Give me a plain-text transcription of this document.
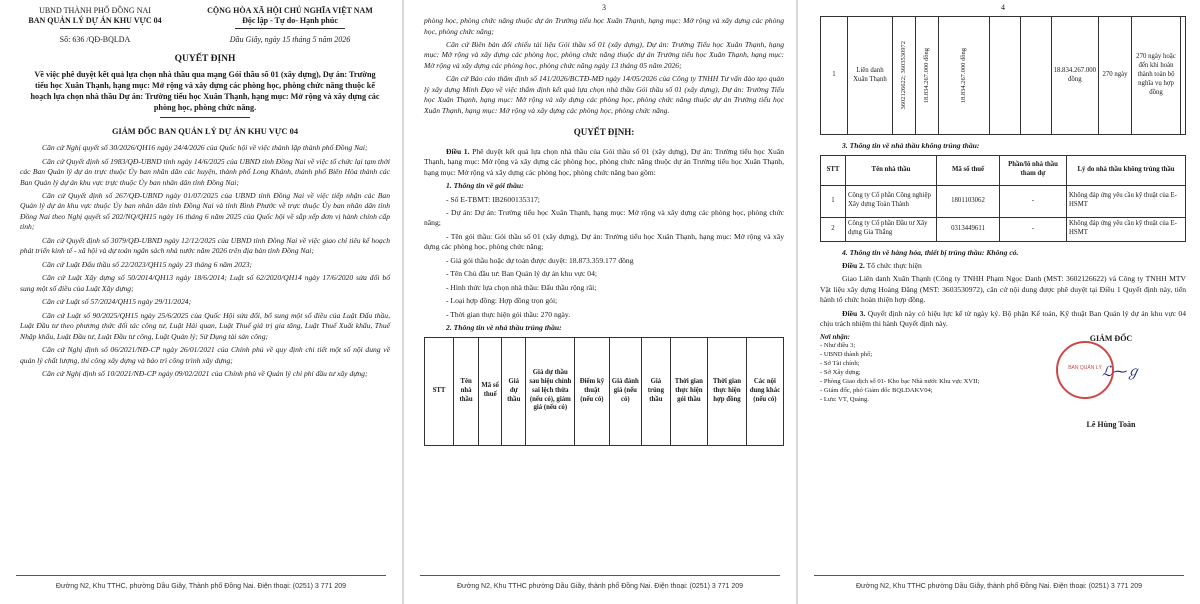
UBND THÀNH PHỐ ĐỒNG NAI
BAN QUẢN LÝ DỰ ÁN KHU VỰC 04
CỘNG HÒA XÃ HỘI CHỦ NGHĨA VIỆT NAM
Độc lập - Tự do- Hạnh phúc
Số: 636 /QĐ-BQLDA	Dầu Giây, ngày 15 tháng 5 năm 2026
QUYẾT ĐỊNH
Về việc phê duyệt kết quả lựa chọn nhà thầu qua mạng Gói thầu số 01 (xây dựng), Dự án: Trường tiểu học Xuân Thạnh, hạng mục: Mở rộng và xây dựng các phòng học, phòng chức năng thuộc kế hoạch lựa chọn nhà thầu Dự án: Trường tiểu học Xuân Thạnh, hạng mục: Mở rộng và xây dựng các phòng học, phòng chức năng.
GIÁM ĐỐC BAN QUẢN LÝ DỰ ÁN KHU VỰC 04

Căn cứ Nghị quyết số 30/2026/QH16 ngày 24/4/2026 của Quốc hội về việc thành lập thành phố Đồng Nai;

Căn cứ Quyết định số 1983/QĐ-UBND tỉnh ngày 14/6/2025 của UBND tỉnh Đồng Nai về việc tổ chức lại tạm thời các Ban Quản lý dự án trực thuộc Ủy ban nhân dân các huyện, thành phố Long Khánh, thành phố Biên Hòa thành các Ban Quản lý dự án khu vực trực thuộc Ủy ban nhân dân tỉnh Đồng Nai;

Căn cứ Quyết định số 267/QĐ-UBND ngày 01/07/2025 của UBND tỉnh Đồng Nai về việc tiếp nhận các Ban Quản lý dự án khu vực thuộc Ủy ban nhân dân tỉnh Đồng Nai và tỉnh Bình Phước về trực thuộc Ủy ban nhân dân tỉnh Đồng Nai theo Nghị quyết số 202/NQ/QH15 ngày 16 tháng 6 năm 2025 của Quốc hội về sắp xếp đơn vị hành chính cấp tỉnh;

Căn cứ Quyết định số 3079/QĐ-UBND ngày 12/12/2025 của UBND tỉnh Đồng Nai về việc giao chỉ tiêu kế hoạch phát triển kinh tế - xã hội và dự toán ngân sách nhà nước năm 2026 trên địa bàn tỉnh Đồng Nai;

Căn cứ Luật Đấu thầu số 22/2023/QH15 ngày 23 tháng 6 năm 2023;

Căn cứ Luật Xây dựng số 50/2014/QH13 ngày 18/6/2014; Luật số 62/2020/QH14 ngày 17/6/2020 sửa đổi bổ sung một số điều của Luật Xây dựng;

Căn cứ Luật số 57/2024/QH15 ngày 29/11/2024;

Căn cứ Luật số 90/2025/QH15 ngày 25/6/2025 của Quốc Hội sửa đổi, bổ sung một số điều của Luật Đấu thầu, Luật Đầu tư theo phương thức đối tác công tư, Luật Hải quan, Luật Thuế giá trị gia tăng, Luật Thuế Xuất khẩu, Thuế Nhập khẩu, Luật Đầu tư, Luật Đầu tư công, Luật Quản lý; Sử Dụng tài sản công;

Căn cứ Nghị định số 06/2021/NĐ-CP ngày 26/01/2021 của Chính phủ về quy định chi tiết một số nội dung về quản lý chất lượng, thi công xây dựng và bảo trì công trình xây dựng;

Căn cứ Nghị định số 10/2021/NĐ-CP ngày 09/02/2021 của Chính phủ về Quản lý chi phí đầu tư xây dựng;

Đường N2, Khu TTHC, phường Dầu Giây, Thành phố Đồng Nai. Điện thoại: (0251) 3 771 209
3

phòng học, phòng chức năng thuộc dự án Trường tiểu học Xuân Thạnh, hạng mục: Mở rộng và xây dựng các phòng học, phòng chức năng;

Căn cứ Biên bản đối chiếu tài liệu Gói thầu số 01 (xây dựng), Dự án: Trường Tiểu học Xuân Thạnh, hạng mục: Mở rộng và xây dựng các phòng học, phòng chức năng thuộc dự án Trường tiểu học Xuân Thạnh, hạng mục: Mở rộng và xây dựng các phòng học, phòng chức năng ngày 13 tháng 05 năm 2026;

Căn cứ Báo cáo thẩm định số 141/2026/BCTĐ-MĐ ngày 14/05/2026 của Công ty TNHH Tư vấn đào tạo quản lý xây dựng Minh Đạo về việc thẩm định kết quả lựa chọn nhà thầu Gói thầu số 01 (xây dựng), Dự án: Trường Tiểu học Xuân Thạnh, hạng mục: Mở rộng và xây dựng các phòng học, phòng chức năng thuộc dự án Trường tiểu học Xuân Thạnh, hạng mục: Mở rộng và xây dựng các phòng học, phòng chức năng.

QUYẾT ĐỊNH:

Điều 1. Phê duyệt kết quả lựa chọn nhà thầu của Gói thầu số 01 (xây dựng), Dự án: Trường tiểu học Xuân Thạnh, hạng mục: Mở rộng và xây dựng các phòng học, phòng chức năng thuộc dự án Trường tiểu học Xuân Thạnh, hạng mục: Mở rộng và xây dựng các phòng học, phòng chức năng bao gồm:

1. Thông tin về gói thầu:

- Số E-TBMT: IB2600135317;

- Dự án: Dự án: Trường tiểu học Xuân Thạnh, hạng mục: Mở rộng và xây dựng các phòng học, phòng chức năng;

- Tên gói thầu: Gói thầu số 01 (xây dựng), Dự án: Trường tiểu học Xuân Thạnh, hạng mục: Mở rộng và xây dựng các phòng học, phòng chức năng;

- Giá gói thầu hoặc dự toán được duyệt: 18.873.359.177 đồng

- Tên Chủ đầu tư: Ban Quản lý dự án khu vực 04;

- Hình thức lựa chọn nhà thầu: Đấu thầu rộng rãi;

- Loại hợp đồng: Hợp đồng trọn gói;

- Thời gian thực hiện gói thầu: 270 ngày.

2. Thông tin về nhà thầu trúng thầu:

STT	Tên nhà thầu	Mã số thuế	Giá dự thầu	Giá dự thầu sau hiệu chỉnh sai lệch thừa (nếu có), giảm giá (nếu có)	Điểm kỹ thuật (nếu có)	Giá đánh giá (nếu có)	Giá trúng thầu	Thời gian thực hiện gói thầu	Thời gian thực hiện hợp đồng	Các nội dung khác (nếu có)
Đường N2, Khu TTHC phường Dầu Giây, thành phố Đồng Nai. Điện thoại: (0251) 3 771 209
4
1	Liên danh Xuân Thạnh	3602126622; 3603530972	18.834.267.000 đồng	18.834.267.000 đồng			18.834.267.000 đồng	270 ngày	270 ngày hoặc đến khi hoàn thành toàn bộ nghĩa vụ hợp đồng	

3. Thông tin về nhà thầu không trúng thầu:

STT	Tên nhà thầu	Mã số thuế	Phần/lô nhà thầu tham dự	Lý do nhà thầu không trúng thầu
1	Công ty Cổ phần Công nghiệp Xây dựng Toàn Thành	1801103062	-	Không đáp ứng yêu cầu kỹ thuật của E-HSMT
2	Công ty Cổ phần Đầu tư Xây dựng Gia Thắng	0313449611	-	Không đáp ứng yêu cầu kỹ thuật của E-HSMT

4. Thông tin về hàng hóa, thiết bị trúng thầu: Không có.

Điều 2. Tổ chức thực hiện

Giao Liên danh Xuân Thạnh (Công ty TNHH Phạm Ngọc Danh (MST: 3602126622) và Công ty TNHH MTV Vật liệu xây dựng Hoàng Đăng (MST: 3603530972), căn cứ nội dung được phê duyệt tại Điều 1 Quyết định này, tiến hành tổ chức hoàn thiện hợp đồng.

Điều 3. Quyết định này có hiệu lực kể từ ngày ký. Bộ phận Kế toán, Kỹ thuật Ban Quản lý dự án khu vực 04 chịu trách nhiệm thi hành Quyết định này.

Nơi nhận:
- Như điều 3;
- UBND thành phố;
- Sở Tài chính;
- Sở Xây dựng;
- Phòng Giao dịch số 01- Kho bạc Nhà nước Khu vực XVII;
- Giám đốc, phó Giám đốc BQLDAKV04;
- Lưu: VT, Quảng.
GIÁM ĐỐC
BAN QUẢN LÝ ℒ⁓ℊ
Lê Hùng Toàn
Đường N2, Khu TTHC phường Dầu Giây, thành phố Đồng Nai. Điện thoại: (0251) 3 771 209
